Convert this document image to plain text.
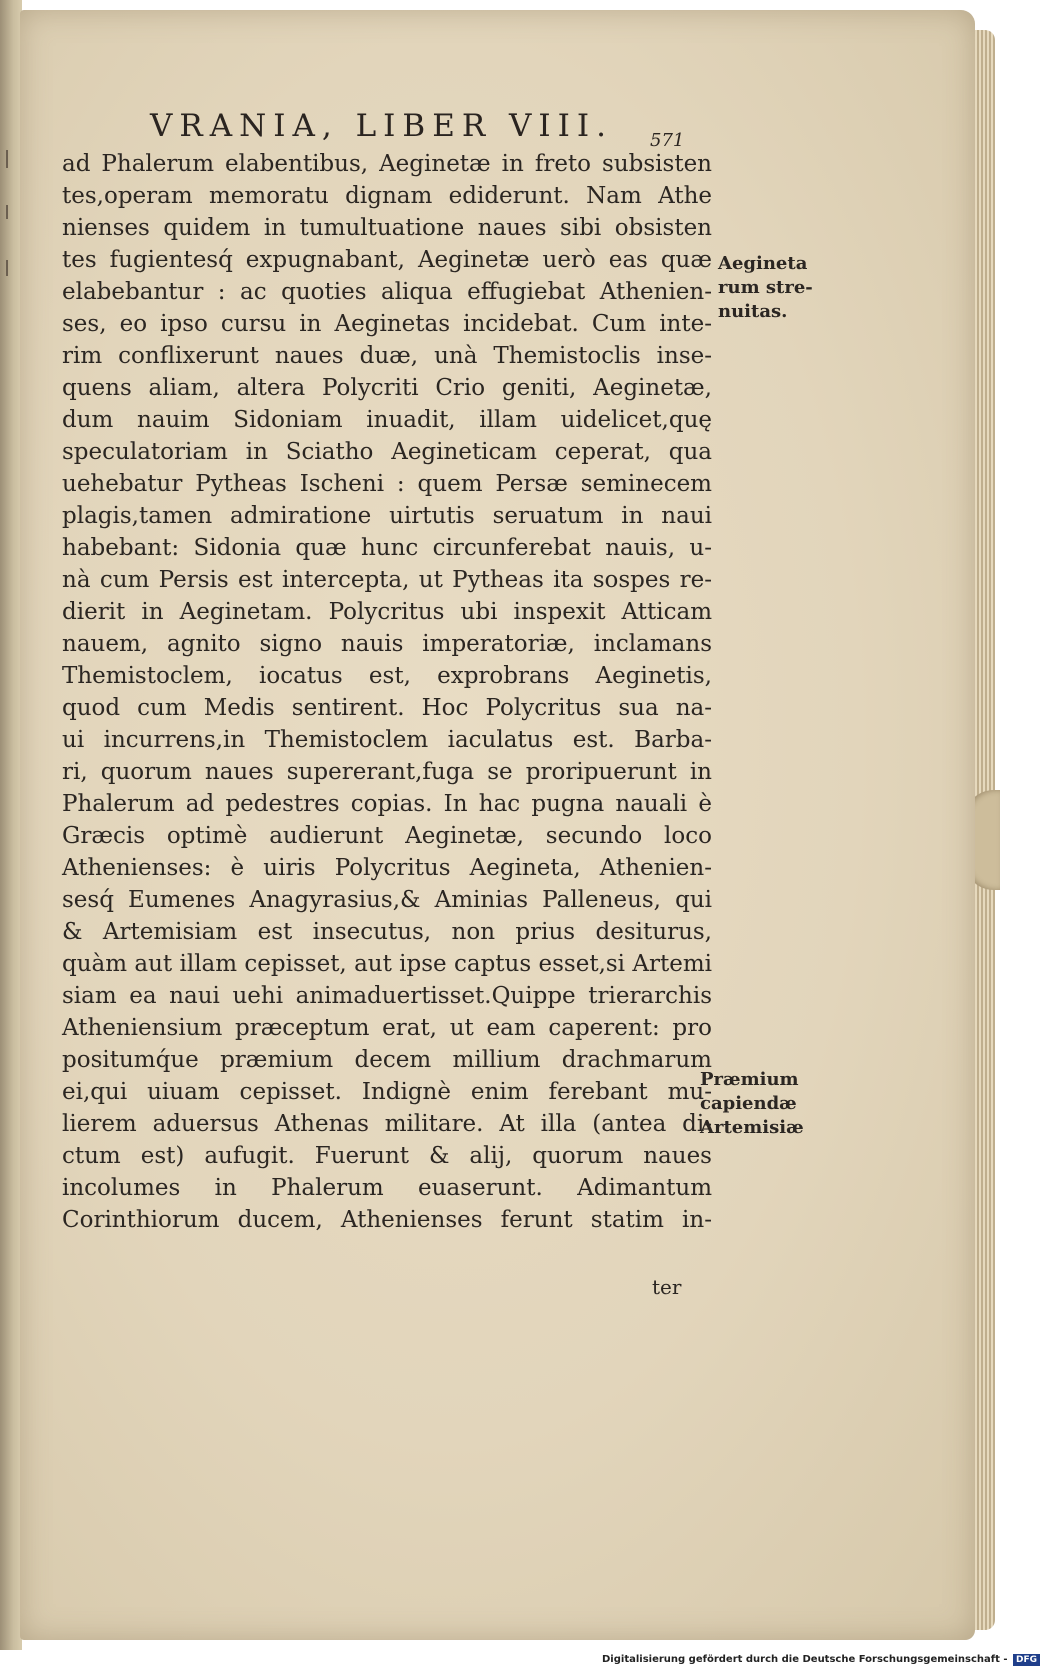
VRANIA, LIBER VIII.	571
ad Phalerum elabentibus, Aeginetæ in freto subsisten
tes,operam memoratu dignam ediderunt. Nam Athe
nienses quidem in tumultuatione naues sibi obsisten
tes fugientesq́ expugnabant, Aeginetæ uerò eas quæ
elabebantur : ac quoties aliqua effugiebat Athenien-
ses, eo ipso cursu in Aeginetas incidebat. Cum inte-
rim conflixerunt naues duæ, unà Themistoclis inse-
quens aliam, altera Polycriti Crio geniti, Aeginetæ,
dum nauim Sidoniam inuadit, illam uidelicet,quę
speculatoriam in Sciatho Aegineticam ceperat, qua
uehebatur Pytheas Ischeni : quem Persæ seminecem
plagis,tamen admiratione uirtutis seruatum in naui
habebant: Sidonia quæ hunc circunferebat nauis, u-
nà cum Persis est intercepta, ut Pytheas ita sospes re-
dierit in Aeginetam. Polycritus ubi inspexit Atticam
nauem, agnito signo nauis imperatoriæ, inclamans
Themistoclem, iocatus est, exprobrans Aeginetis,
quod cum Medis sentirent. Hoc Polycritus sua na-
ui incurrens,in Themistoclem iaculatus est. Barba-
ri, quorum naues supererant,fuga se proripuerunt in
Phalerum ad pedestres copias. In hac pugna nauali è
Græcis optimè audierunt Aeginetæ, secundo loco
Athenienses: è uiris Polycritus Aegineta, Athenien-
sesq́ Eumenes Anagyrasius,& Aminias Palleneus, qui
& Artemisiam est insecutus, non prius desiturus,
quàm aut illam cepisset, aut ipse captus esset,si Artemi
siam ea naui uehi animaduertisset.Quippe trierarchis
Atheniensium præceptum erat, ut eam caperent: pro
positumq́ue præmium decem millium drachmarum
ei,qui uiuam cepisset. Indignè enim ferebant mu-
lierem aduersus Athenas militare. At illa (antea di-
ctum est) aufugit. Fuerunt & alij, quorum naues
incolumes in Phalerum euaserunt. Adimantum
Corinthiorum ducem, Athenienses ferunt statim in-
ter
Aegineta
rum stre-
nuitas.
Præmium
capiendæ
Artemisiæ
Digitalisierung gefördert durch die Deutsche Forschungsgemeinschaft - DFG
